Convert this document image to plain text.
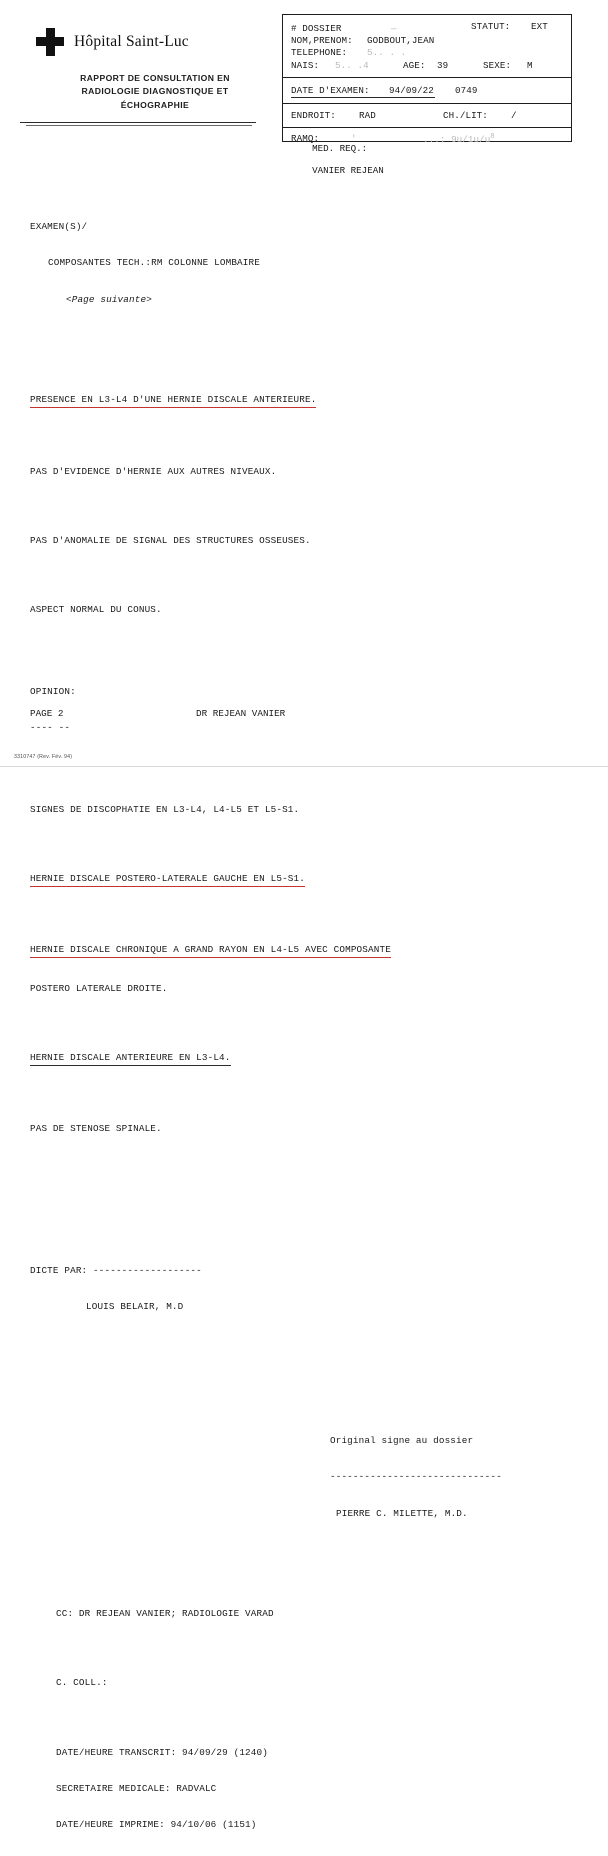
Hôpital Saint-Luc
RAPPORT DE CONSULTATION EN
RADIOLOGIE DIAGNOSTIQUE ET
ÉCHOGRAPHIE
# DOSSIER	—	STATUT: EXT
NOM,PRENOM: GODBOUT,JEAN
TELEPHONE: 5.. . .
NAIS: 5.. .4	AGE: 39	SEXE: M
DATE D'EXAMEN: 94/09/22 0749
ENDROIT:	RAD	CH./LIT:	/
RAMQ:	'	...: $9u/1u/u^8$

MED. REQ.:

VANIER REJEAN

EXAMEN(S)/

COMPOSANTES TECH.:RM COLONNE LOMBAIRE

<Page suivante>

PRESENCE EN L3-L4 D'UNE HERNIE DISCALE ANTERIEURE.

PAS D'EVIDENCE D'HERNIE AUX AUTRES NIVEAUX.

PAS D'ANOMALIE DE SIGNAL DES STRUCTURES OSSEUSES.

ASPECT NORMAL DU CONUS.

OPINION:

---- --

SIGNES DE DISCOPHATIE EN L3-L4, L4-L5 ET L5-S1.

HERNIE DISCALE POSTERO-LATERALE GAUCHE EN L5-S1.

HERNIE DISCALE CHRONIQUE A GRAND RAYON EN L4-L5 AVEC COMPOSANTE

POSTERO LATERALE DROITE.

HERNIE DISCALE ANTERIEURE EN L3-L4.

PAS DE STENOSE SPINALE.

DICTE PAR: -------------------

LOUIS BELAIR, M.D

Original signe au dossier

------------------------------

PIERRE C. MILETTE, M.D.

CC: DR REJEAN VANIER; RADIOLOGIE VARAD

C. COLL.:

DATE/HEURE TRANSCRIT: 94/09/29 (1240)

SECRETAIRE MEDICALE: RADVALC

DATE/HEURE IMPRIME: 94/10/06 (1151)

PAGE 2	DR REJEAN VANIER
3310747 (Rev. Fév. 94)
